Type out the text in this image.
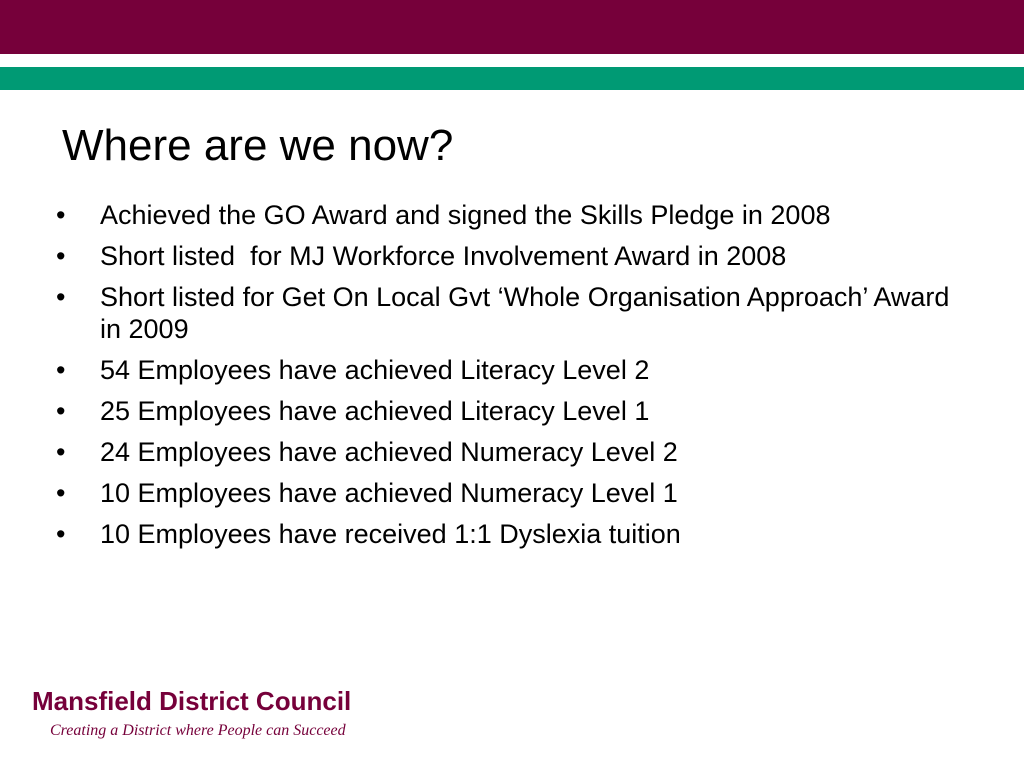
Where are we now?
•	Achieved the GO Award and signed the Skills Pledge in 2008
•	Short listed  for MJ Workforce Involvement Award in 2008
•	Short listed for Get On Local Gvt ‘Whole Organisation Approach’ Award in 2009
•	54 Employees have achieved Literacy Level 2
•	25 Employees have achieved Literacy Level 1
•	24 Employees have achieved Numeracy Level 2
•	10 Employees have achieved Numeracy Level 1
•	10 Employees have received 1:1 Dyslexia tuition
Mansfield District Council
Creating a District where People can Succeed
